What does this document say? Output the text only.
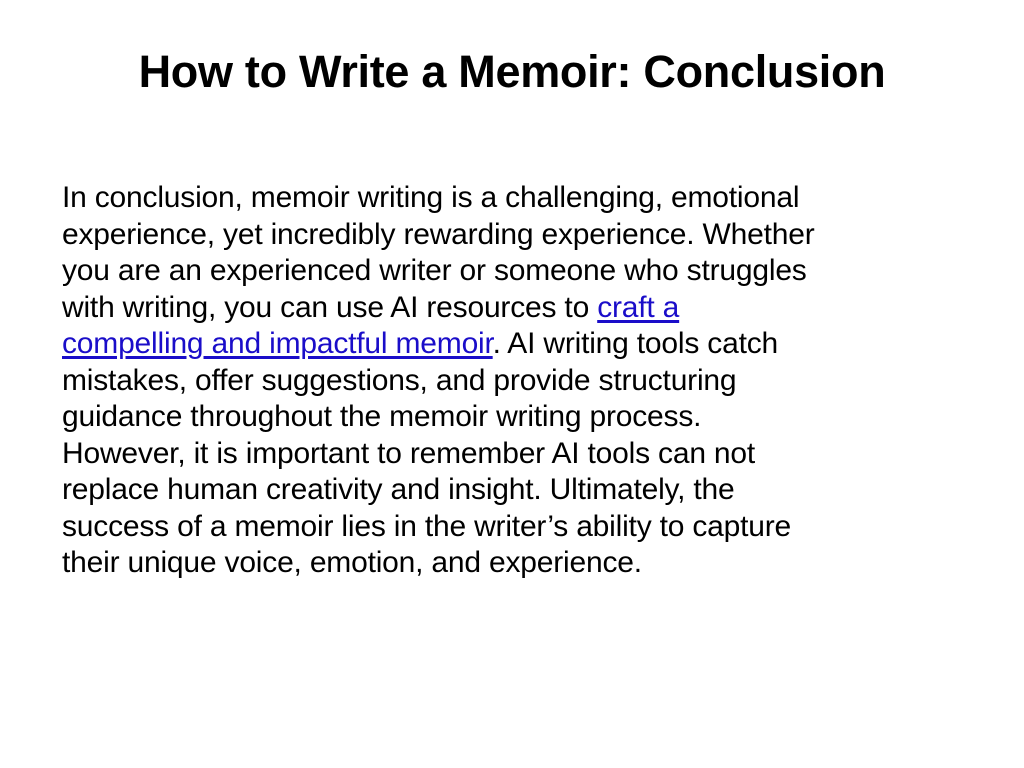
How to Write a Memoir: Conclusion
In conclusion, memoir writing is a challenging, emotional
experience, yet incredibly rewarding experience. Whether
you are an experienced writer or someone who struggles
with writing, you can use AI resources to craft a
compelling and impactful memoir. AI writing tools catch
mistakes, offer suggestions, and provide structuring
guidance throughout the memoir writing process.
However, it is important to remember AI tools can not
replace human creativity and insight. Ultimately, the
success of a memoir lies in the writer’s ability to capture
their unique voice, emotion, and experience.
